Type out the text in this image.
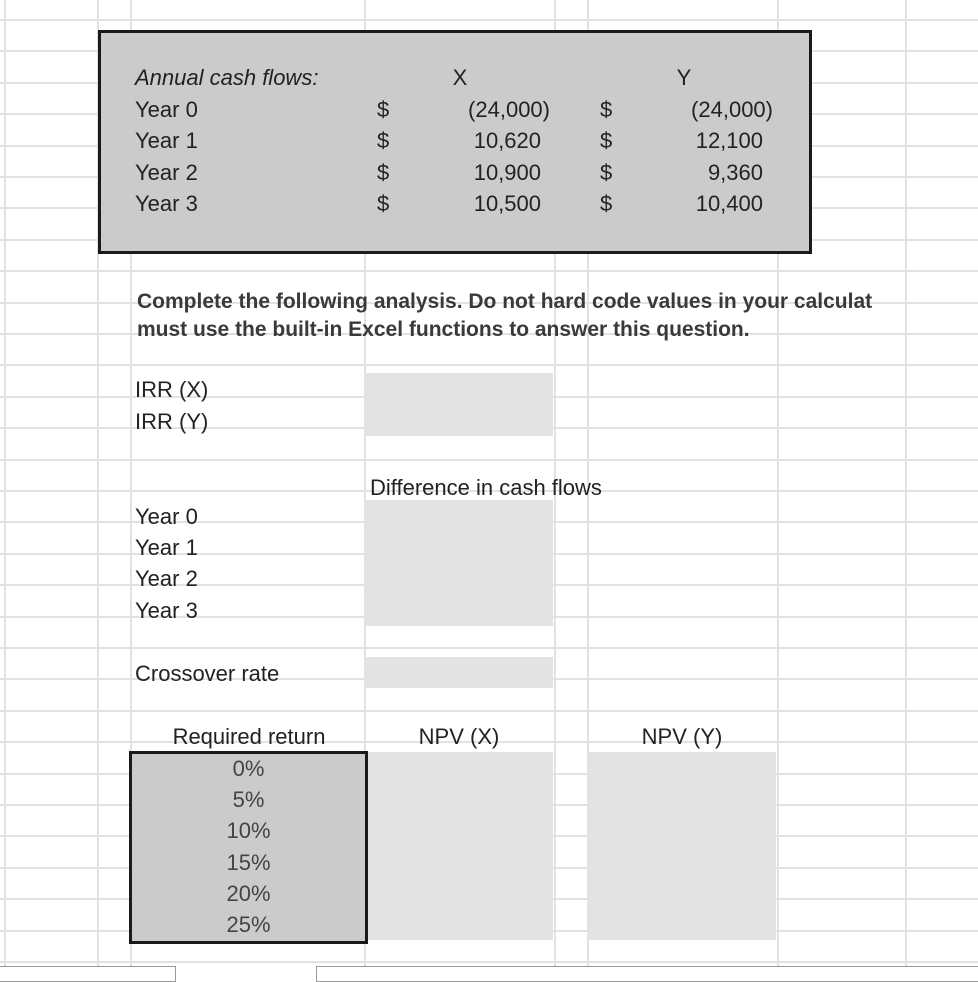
Annual cash flows:	X	Y
Year 0	$	(24,000) $	(24,000)
Year 1	$	10,620	$	12,100
Year 2	$	10,900	$	9,360
Year 3	$	10,500	$	10,400
Complete the following analysis. Do not hard code values in your calculat
must use the built-in Excel functions to answer this question.
IRR (X)
IRR (Y)
Difference in cash flows
Year 0
Year 1
Year 2
Year 3
Crossover rate
Required return	NPV (X)	NPV (Y)
0%
5%
10%
15%
20%
25%
